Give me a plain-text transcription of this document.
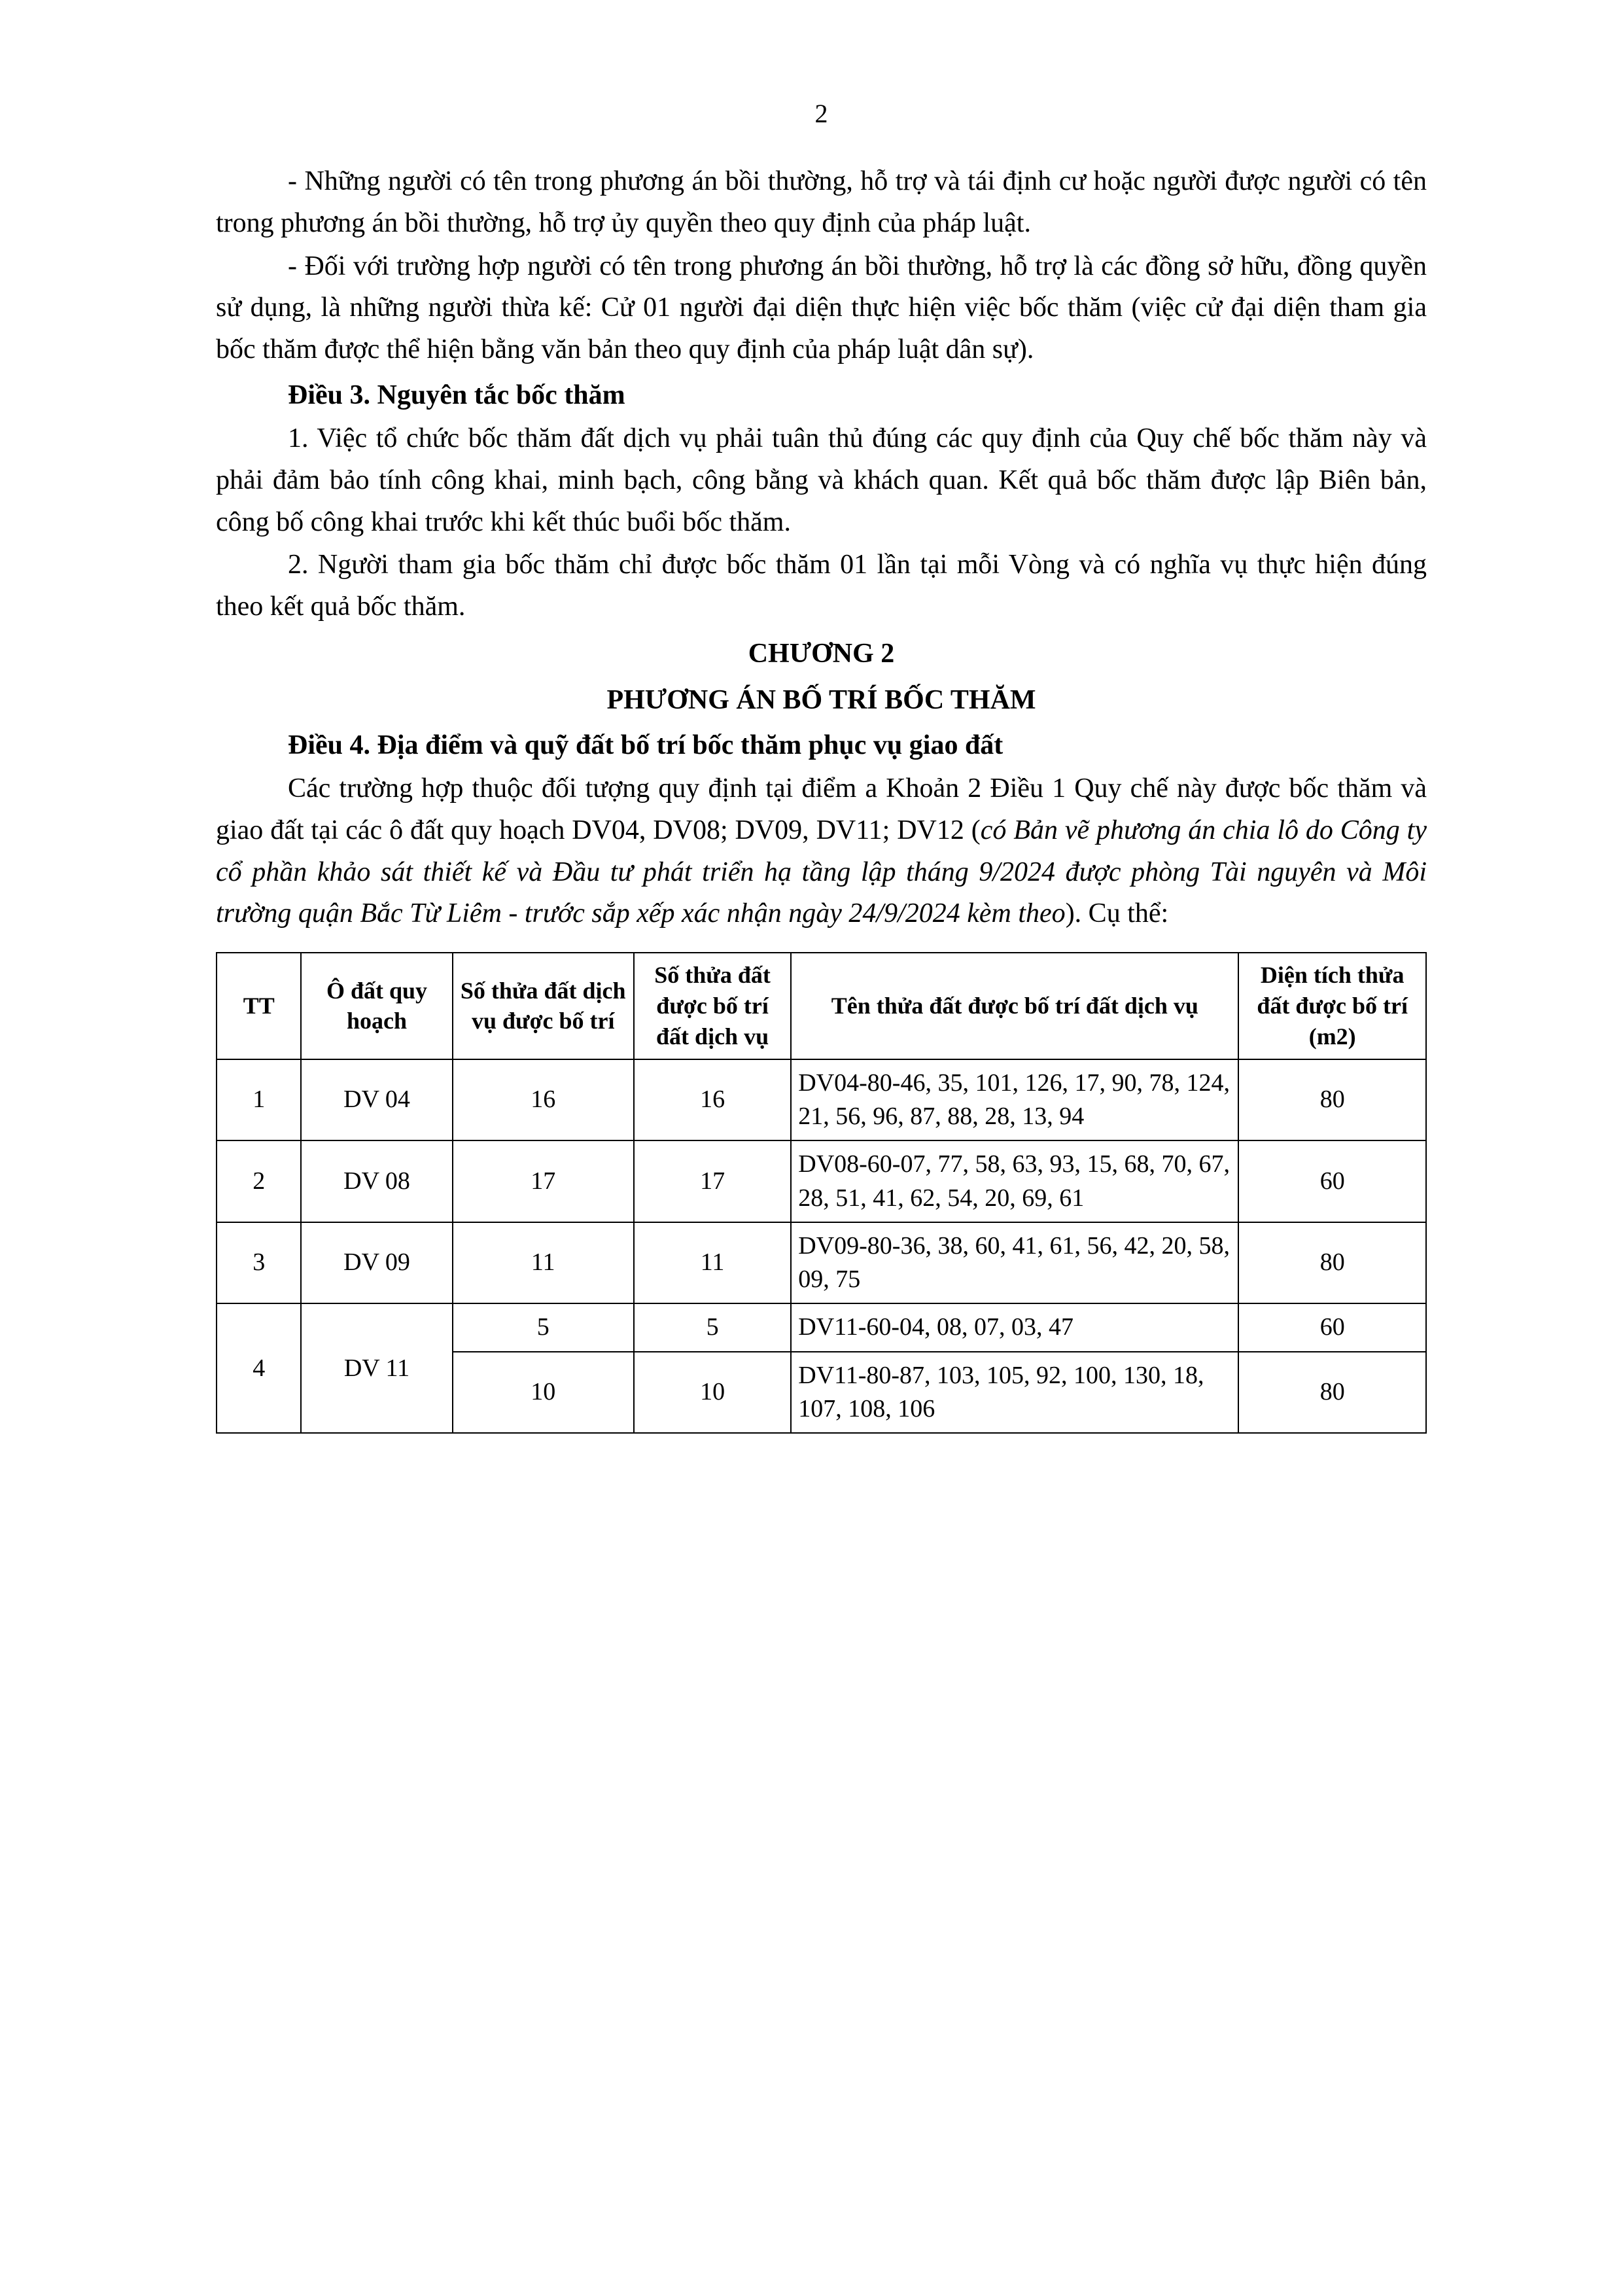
2

- Những người có tên trong phương án bồi thường, hỗ trợ và tái định cư hoặc người được người có tên trong phương án bồi thường, hỗ trợ ủy quyền theo quy định của pháp luật.

- Đối với trường hợp người có tên trong phương án bồi thường, hỗ trợ là các đồng sở hữu, đồng quyền sử dụng, là những người thừa kế: Cử 01 người đại diện thực hiện việc bốc thăm (việc cử đại diện tham gia bốc thăm được thể hiện bằng văn bản theo quy định của pháp luật dân sự).

Điều 3. Nguyên tắc bốc thăm

1. Việc tổ chức bốc thăm đất dịch vụ phải tuân thủ đúng các quy định của Quy chế bốc thăm này và phải đảm bảo tính công khai, minh bạch, công bằng và khách quan. Kết quả bốc thăm được lập Biên bản, công bố công khai trước khi kết thúc buổi bốc thăm.

2. Người tham gia bốc thăm chỉ được bốc thăm 01 lần tại mỗi Vòng và có nghĩa vụ thực hiện đúng theo kết quả bốc thăm.

CHƯƠNG 2

PHƯƠNG ÁN BỐ TRÍ BỐC THĂM

Điều 4. Địa điểm và quỹ đất bố trí bốc thăm phục vụ giao đất

Các trường hợp thuộc đối tượng quy định tại điểm a Khoản 2 Điều 1 Quy chế này được bốc thăm và giao đất tại các ô đất quy hoạch DV04, DV08; DV09, DV11; DV12 (có Bản vẽ phương án chia lô do Công ty cổ phần khảo sát thiết kế và Đầu tư phát triển hạ tầng lập tháng 9/2024 được phòng Tài nguyên và Môi trường quận Bắc Từ Liêm - trước sắp xếp xác nhận ngày 24/9/2024 kèm theo). Cụ thể:

TT	Ô đất quy hoạch	Số thửa đất dịch vụ được bố trí	Số thửa đất được bố trí đất dịch vụ	Tên thửa đất được bố trí đất dịch vụ	Diện tích thửa đất được bố trí (m2)
1	DV 04	16	16	DV04-80-46, 35, 101, 126, 17, 90, 78, 124, 21, 56, 96, 87, 88, 28, 13, 94	80
2	DV 08	17	17	DV08-60-07, 77, 58, 63, 93, 15, 68, 70, 67, 28, 51, 41, 62, 54, 20, 69, 61	60
3	DV 09	11	11	DV09-80-36, 38, 60, 41, 61, 56, 42, 20, 58, 09, 75	80
4	DV 11	5	5	DV11-60-04, 08, 07, 03, 47	60
		10	10	DV11-80-87, 103, 105, 92, 100, 130, 18, 107, 108, 106	80
